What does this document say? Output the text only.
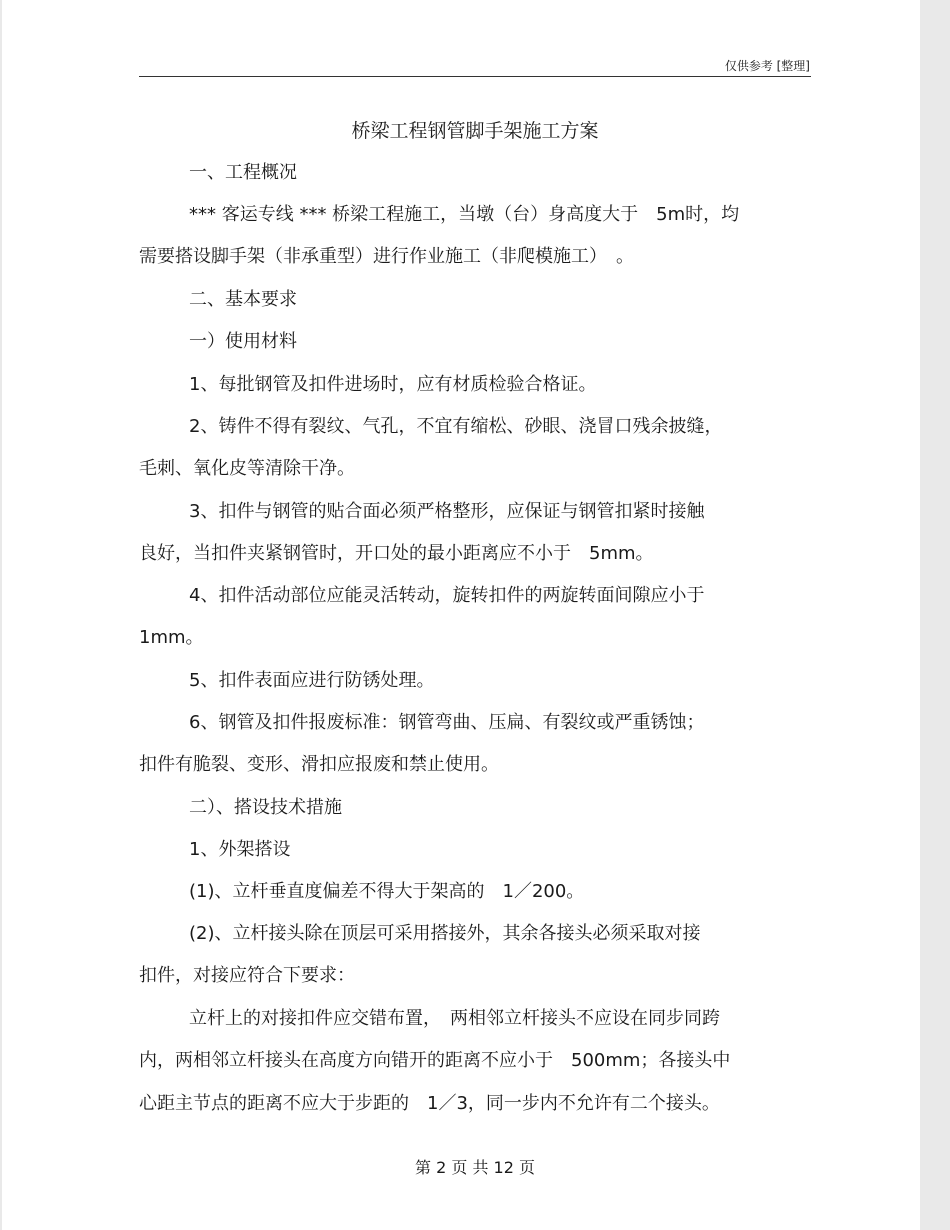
仅供参考 [整理]
桥梁工程钢管脚手架施工方案
一、工程概况
*** 客运专线 *** 桥梁工程施工，当墩（台）身高度大于　5m时，均
需要搭设脚手架（非承重型）进行作业施工（非爬模施工）　。
二、基本要求
一）使用材料
1、每批钢管及扣件进场时，应有材质检验合格证。
2、铸件不得有裂纹、气孔，不宜有缩松、砂眼、浇冒口残余披缝，
毛刺、氧化皮等清除干净。
3、扣件与钢管的贴合面必须严格整形，应保证与钢管扣紧时接触
良好，当扣件夹紧钢管时，开口处的最小距离应不小于　5mm。
4、扣件活动部位应能灵活转动，旋转扣件的两旋转面间隙应小于
1mm。
5、扣件表面应进行防锈处理。
6、钢管及扣件报废标准：钢管弯曲、压扁、有裂纹或严重锈蚀；
扣件有脆裂、变形、滑扣应报废和禁止使用。
二）、搭设技术措施
1、外架搭设
(1)、立杆垂直度偏差不得大于架高的　1／200。
(2)、立杆接头除在顶层可采用搭接外，其余各接头必须采取对接
扣件，对接应符合下要求：
立杆上的对接扣件应交错布置，　两相邻立杆接头不应设在同步同跨
内，两相邻立杆接头在高度方向错开的距离不应小于　500mm；各接头中
心距主节点的距离不应大于步距的　1／3，同一步内不允许有二个接头。
第 2 页 共 12 页
